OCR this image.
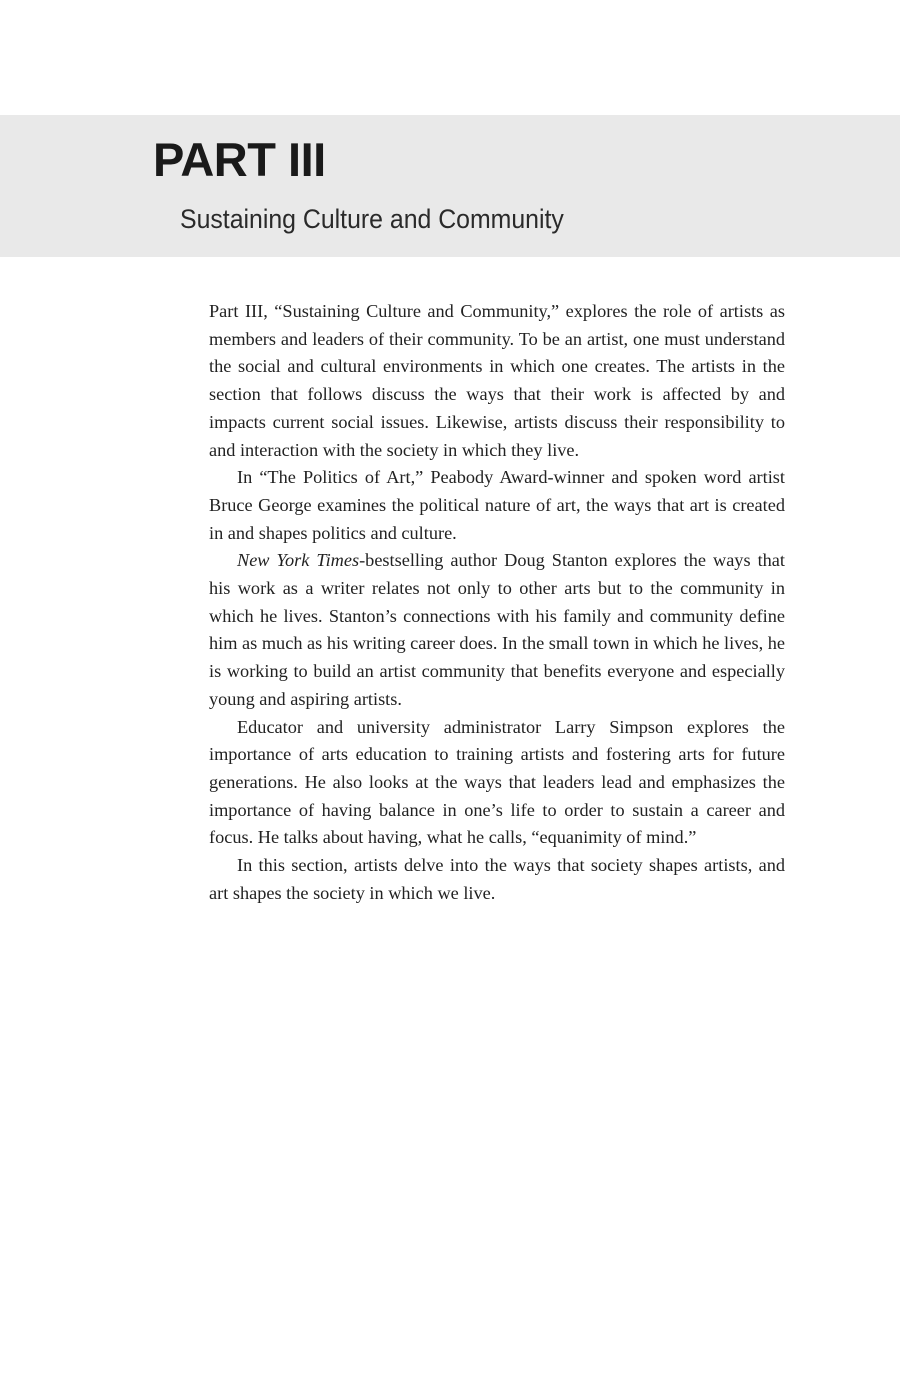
PART III
Sustaining Culture and Community

Part III, “Sustaining Culture and Community,” explores the role of artists as members and leaders of their community. To be an artist, one must understand the social and cultural environments in which one creates. The artists in the section that follows discuss the ways that their work is affected by and impacts current social issues. Likewise, artists discuss their responsibility to and interaction with the society in which they live.

In “The Politics of Art,” Peabody Award-winner and spoken word artist Bruce George examines the political nature of art, the ways that art is created in and shapes politics and culture.

New York Times-bestselling author Doug Stanton explores the ways that his work as a writer relates not only to other arts but to the community in which he lives. Stanton’s connections with his family and community define him as much as his writing career does. In the small town in which he lives, he is working to build an artist community that benefits everyone and especially young and aspiring artists.

Educator and university administrator Larry Simpson explores the importance of arts education to training artists and fostering arts for future generations. He also looks at the ways that leaders lead and emphasizes the importance of having balance in one’s life to order to sustain a career and focus. He talks about having, what he calls, “equanimity of mind.”

In this section, artists delve into the ways that society shapes artists, and art shapes the society in which we live.
